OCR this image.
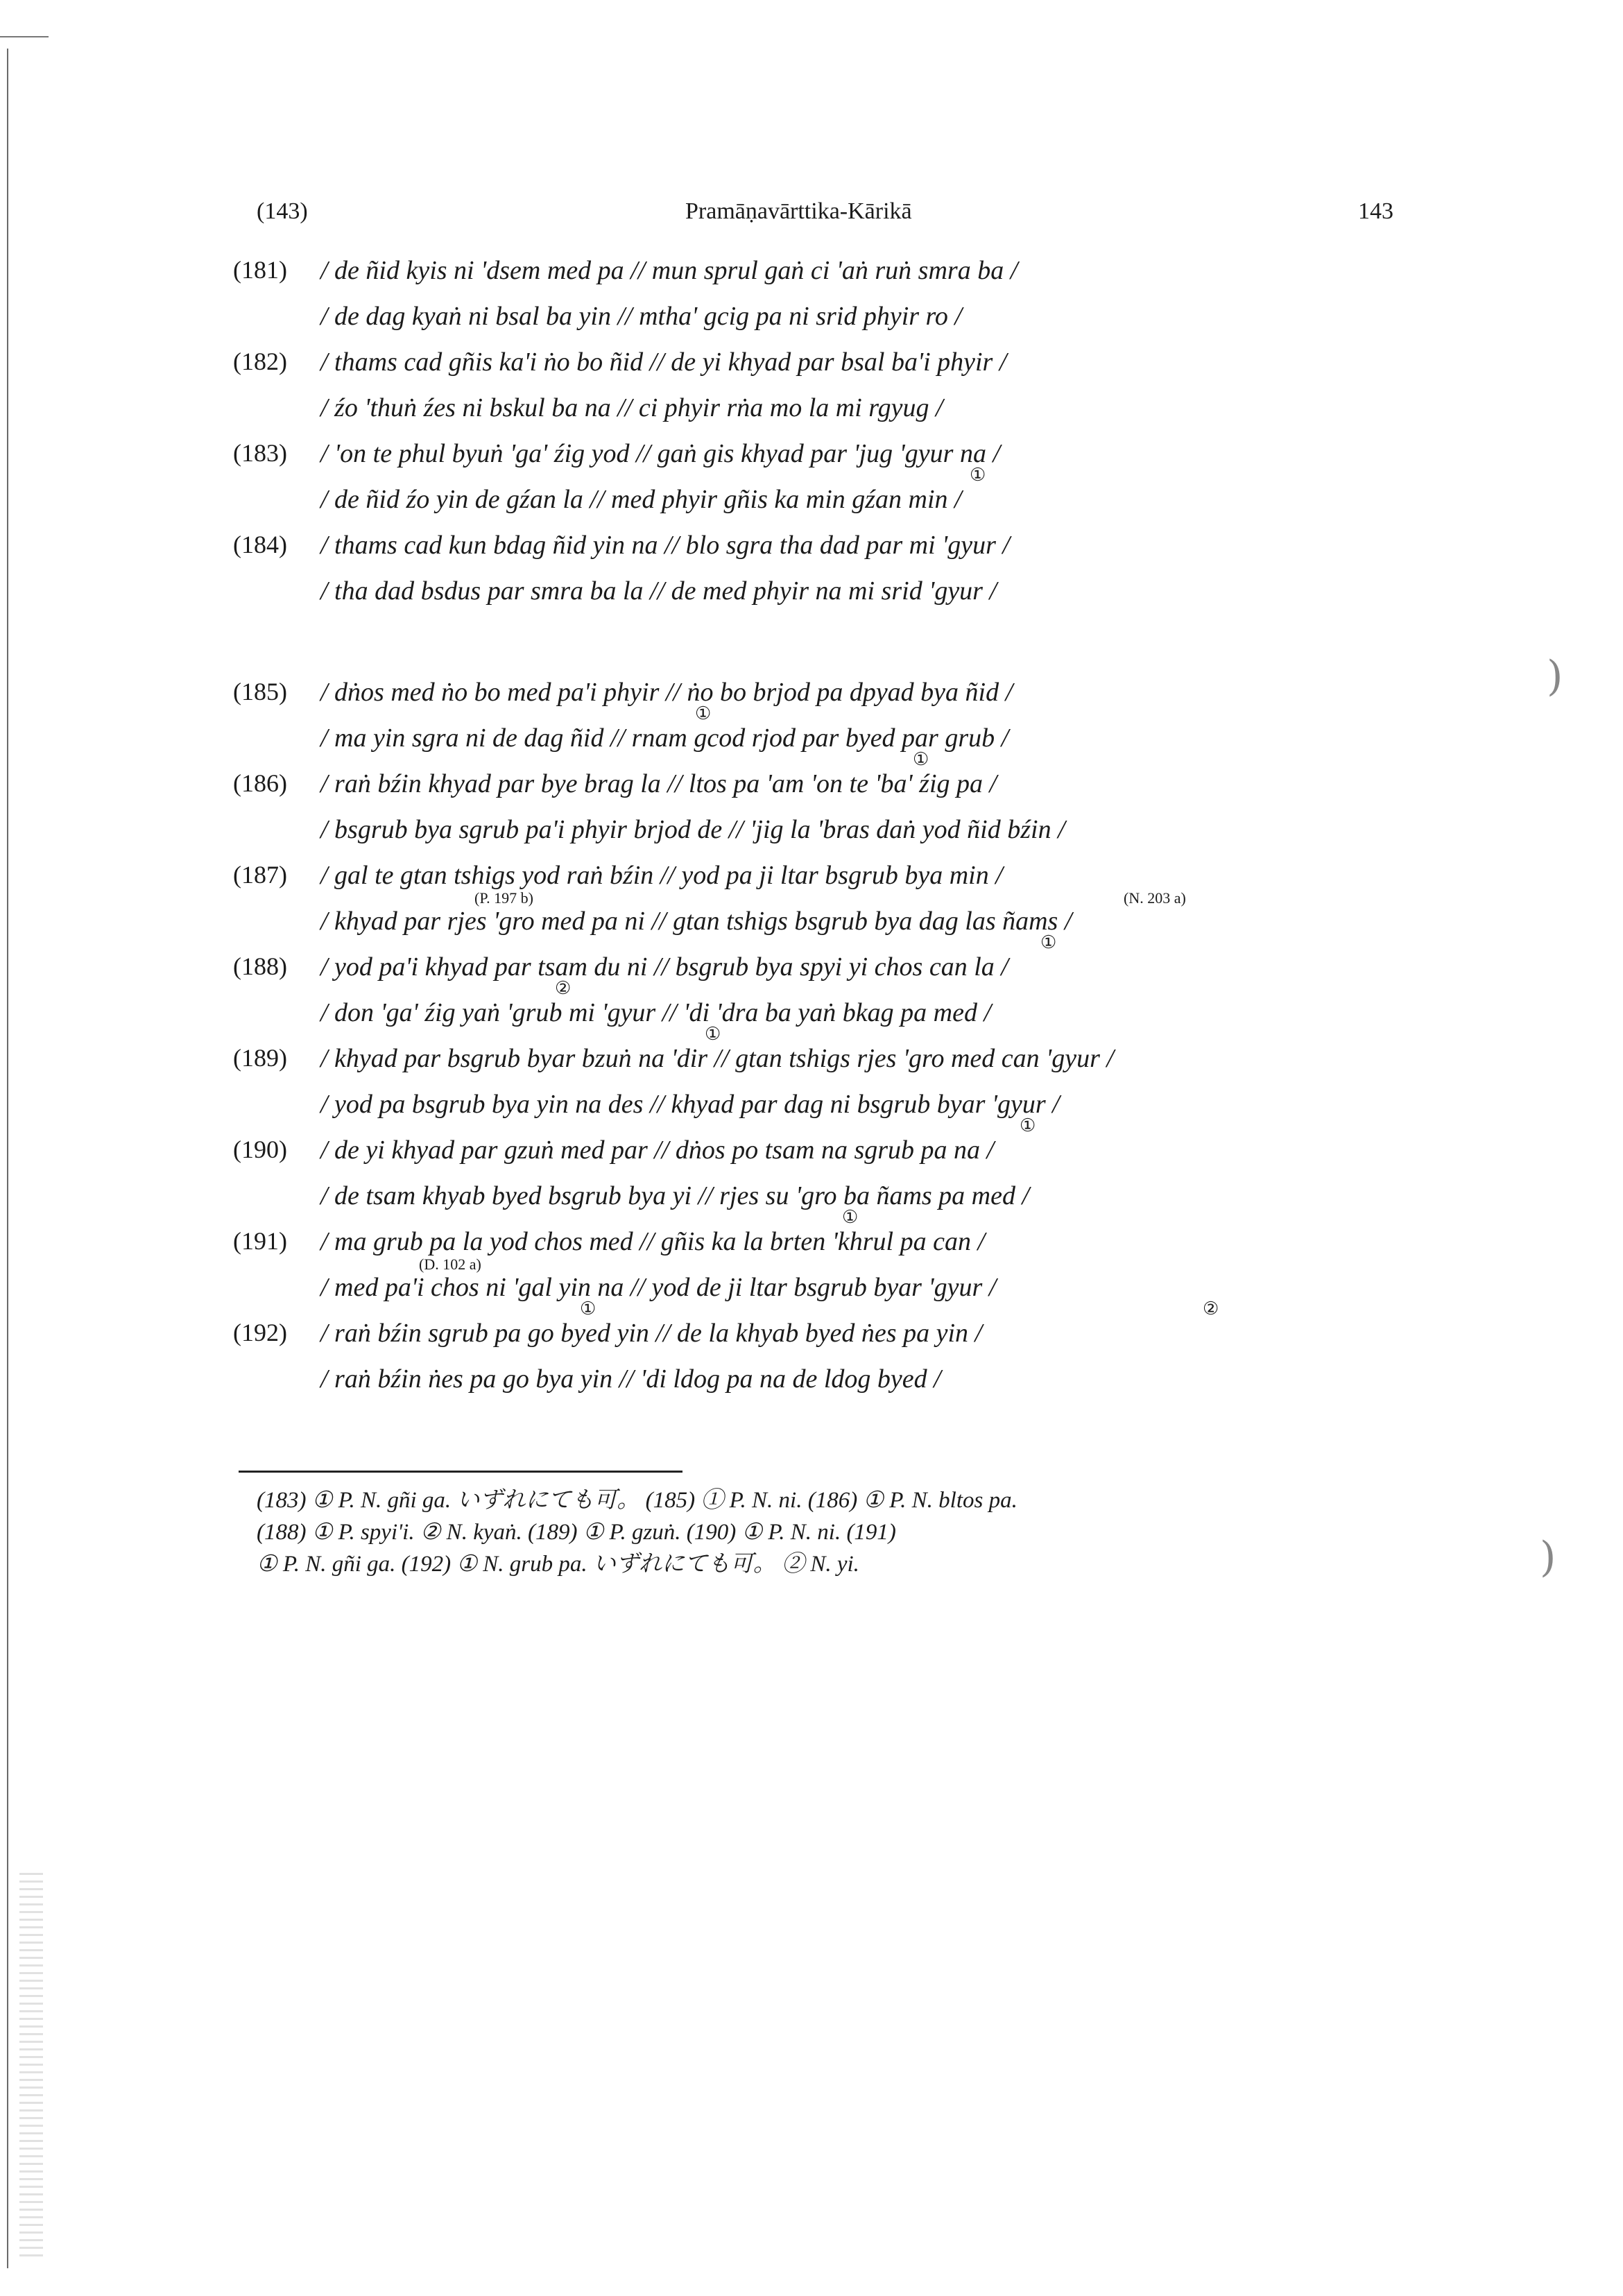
)
)
(143)	Pramāṇavārttika-Kārikā	143
(181) / de ñid kyis ni 'dsem med pa // mun sprul gaṅ ci 'aṅ ruṅ smra ba /
/ de dag kyaṅ ni bsal ba yin // mtha' gcig pa ni srid phyir ro /
(182) / thams cad gñis ka'i ṅo bo ñid // de yi khyad par bsal ba'i phyir /
/ źo 'thuṅ źes ni bskul ba na // ci phyir rṅa mo la mi rgyug /
(183) / 'on te phul byuṅ 'ga' źig yod // gaṅ gis khyad par 'jug 'gyur na /
①
/ de ñid źo yin de gźan la // med phyir gñis ka min gźan min /
(184) / thams cad kun bdag ñid yin na // blo sgra tha dad par mi 'gyur /
/ tha dad bsdus par smra ba la // de med phyir na mi srid 'gyur /
(185) / dṅos med ṅo bo med pa'i phyir // ṅo bo brjod pa dpyad bya ñid /
①
/ ma yin sgra ni de dag ñid // rnam gcod rjod par byed par grub /
①
(186) / raṅ bźin khyad par bye brag la // ltos pa 'am 'on te 'ba' źig pa /
/ bsgrub bya sgrub pa'i phyir brjod de // 'jig la 'bras daṅ yod ñid bźin /
(187) / gal te gtan tshigs yod raṅ bźin // yod pa ji ltar bsgrub bya min /
(P. 197 b)	(N. 203 a)
/ khyad par rjes 'gro med pa ni // gtan tshigs bsgrub bya dag las ñams /
①
(188) / yod pa'i khyad par tsam du ni // bsgrub bya spyi yi chos can la /
②
/ don 'ga' źig yaṅ 'grub mi 'gyur // 'di 'dra ba yaṅ bkag pa med /
①
(189) / khyad par bsgrub byar bzuṅ na 'dir // gtan tshigs rjes 'gro med can 'gyur /
/ yod pa bsgrub bya yin na des // khyad par dag ni bsgrub byar 'gyur /
①
(190) / de yi khyad par gzuṅ med par // dṅos po tsam na sgrub pa na /
/ de tsam khyab byed bsgrub bya yi // rjes su 'gro ba ñams pa med /
①
(191) / ma grub pa la yod chos med // gñis ka la brten 'khrul pa can /
(D. 102 a)
/ med pa'i chos ni 'gal yin na // yod de ji ltar bsgrub byar 'gyur /
①	②
(192) / raṅ bźin sgrub pa go byed yin // de la khyab byed ṅes pa yin /
/ raṅ bźin ṅes pa go bya yin // 'di ldog pa na de ldog byed /
(183) ① P. N. gñi ga. いずれにても可。 (185) ① P. N. ni. (186) ① P. N. bltos pa.
(188) ① P. spyi'i. ② N. kyaṅ. (189) ① P. gzuṅ. (190) ① P. N. ni. (191)
① P. N. gñi ga. (192) ① N. grub pa. いずれにても可。 ② N. yi.
